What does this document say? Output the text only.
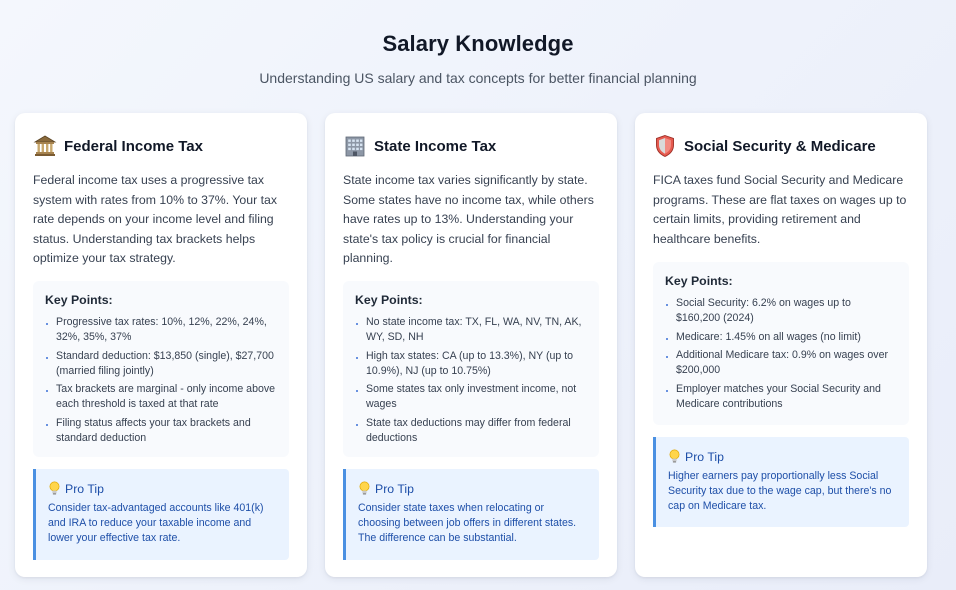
Salary Knowledge

Understanding US salary and tax concepts for better financial planning

Federal Income Tax

Federal income tax uses a progressive tax system with rates from 10% to 37%. Your tax rate depends on your income level and filing status. Understanding tax brackets helps optimize your tax strategy.

Key Points:
Progressive tax rates: 10%, 12%, 22%, 24%, 32%, 35%, 37%
Standard deduction: $13,850 (single), $27,700 (married filing jointly)
Tax brackets are marginal - only income above each threshold is taxed at that rate
Filing status affects your tax brackets and standard deduction
Pro Tip

Consider tax-advantaged accounts like 401(k) and IRA to reduce your taxable income and lower your effective tax rate.

State Income Tax

State income tax varies significantly by state. Some states have no income tax, while others have rates up to 13%. Understanding your state's tax policy is crucial for financial planning.

Key Points:
No state income tax: TX, FL, WA, NV, TN, AK, WY, SD, NH
High tax states: CA (up to 13.3%), NY (up to 10.9%), NJ (up to 10.75%)
Some states tax only investment income, not wages
State tax deductions may differ from federal deductions
Pro Tip

Consider state taxes when relocating or choosing between job offers in different states. The difference can be substantial.

Social Security & Medicare

FICA taxes fund Social Security and Medicare programs. These are flat taxes on wages up to certain limits, providing retirement and healthcare benefits.

Key Points:
Social Security: 6.2% on wages up to $160,200 (2024)
Medicare: 1.45% on all wages (no limit)
Additional Medicare tax: 0.9% on wages over $200,000
Employer matches your Social Security and Medicare contributions
Pro Tip

Higher earners pay proportionally less Social Security tax due to the wage cap, but there's no cap on Medicare tax.
